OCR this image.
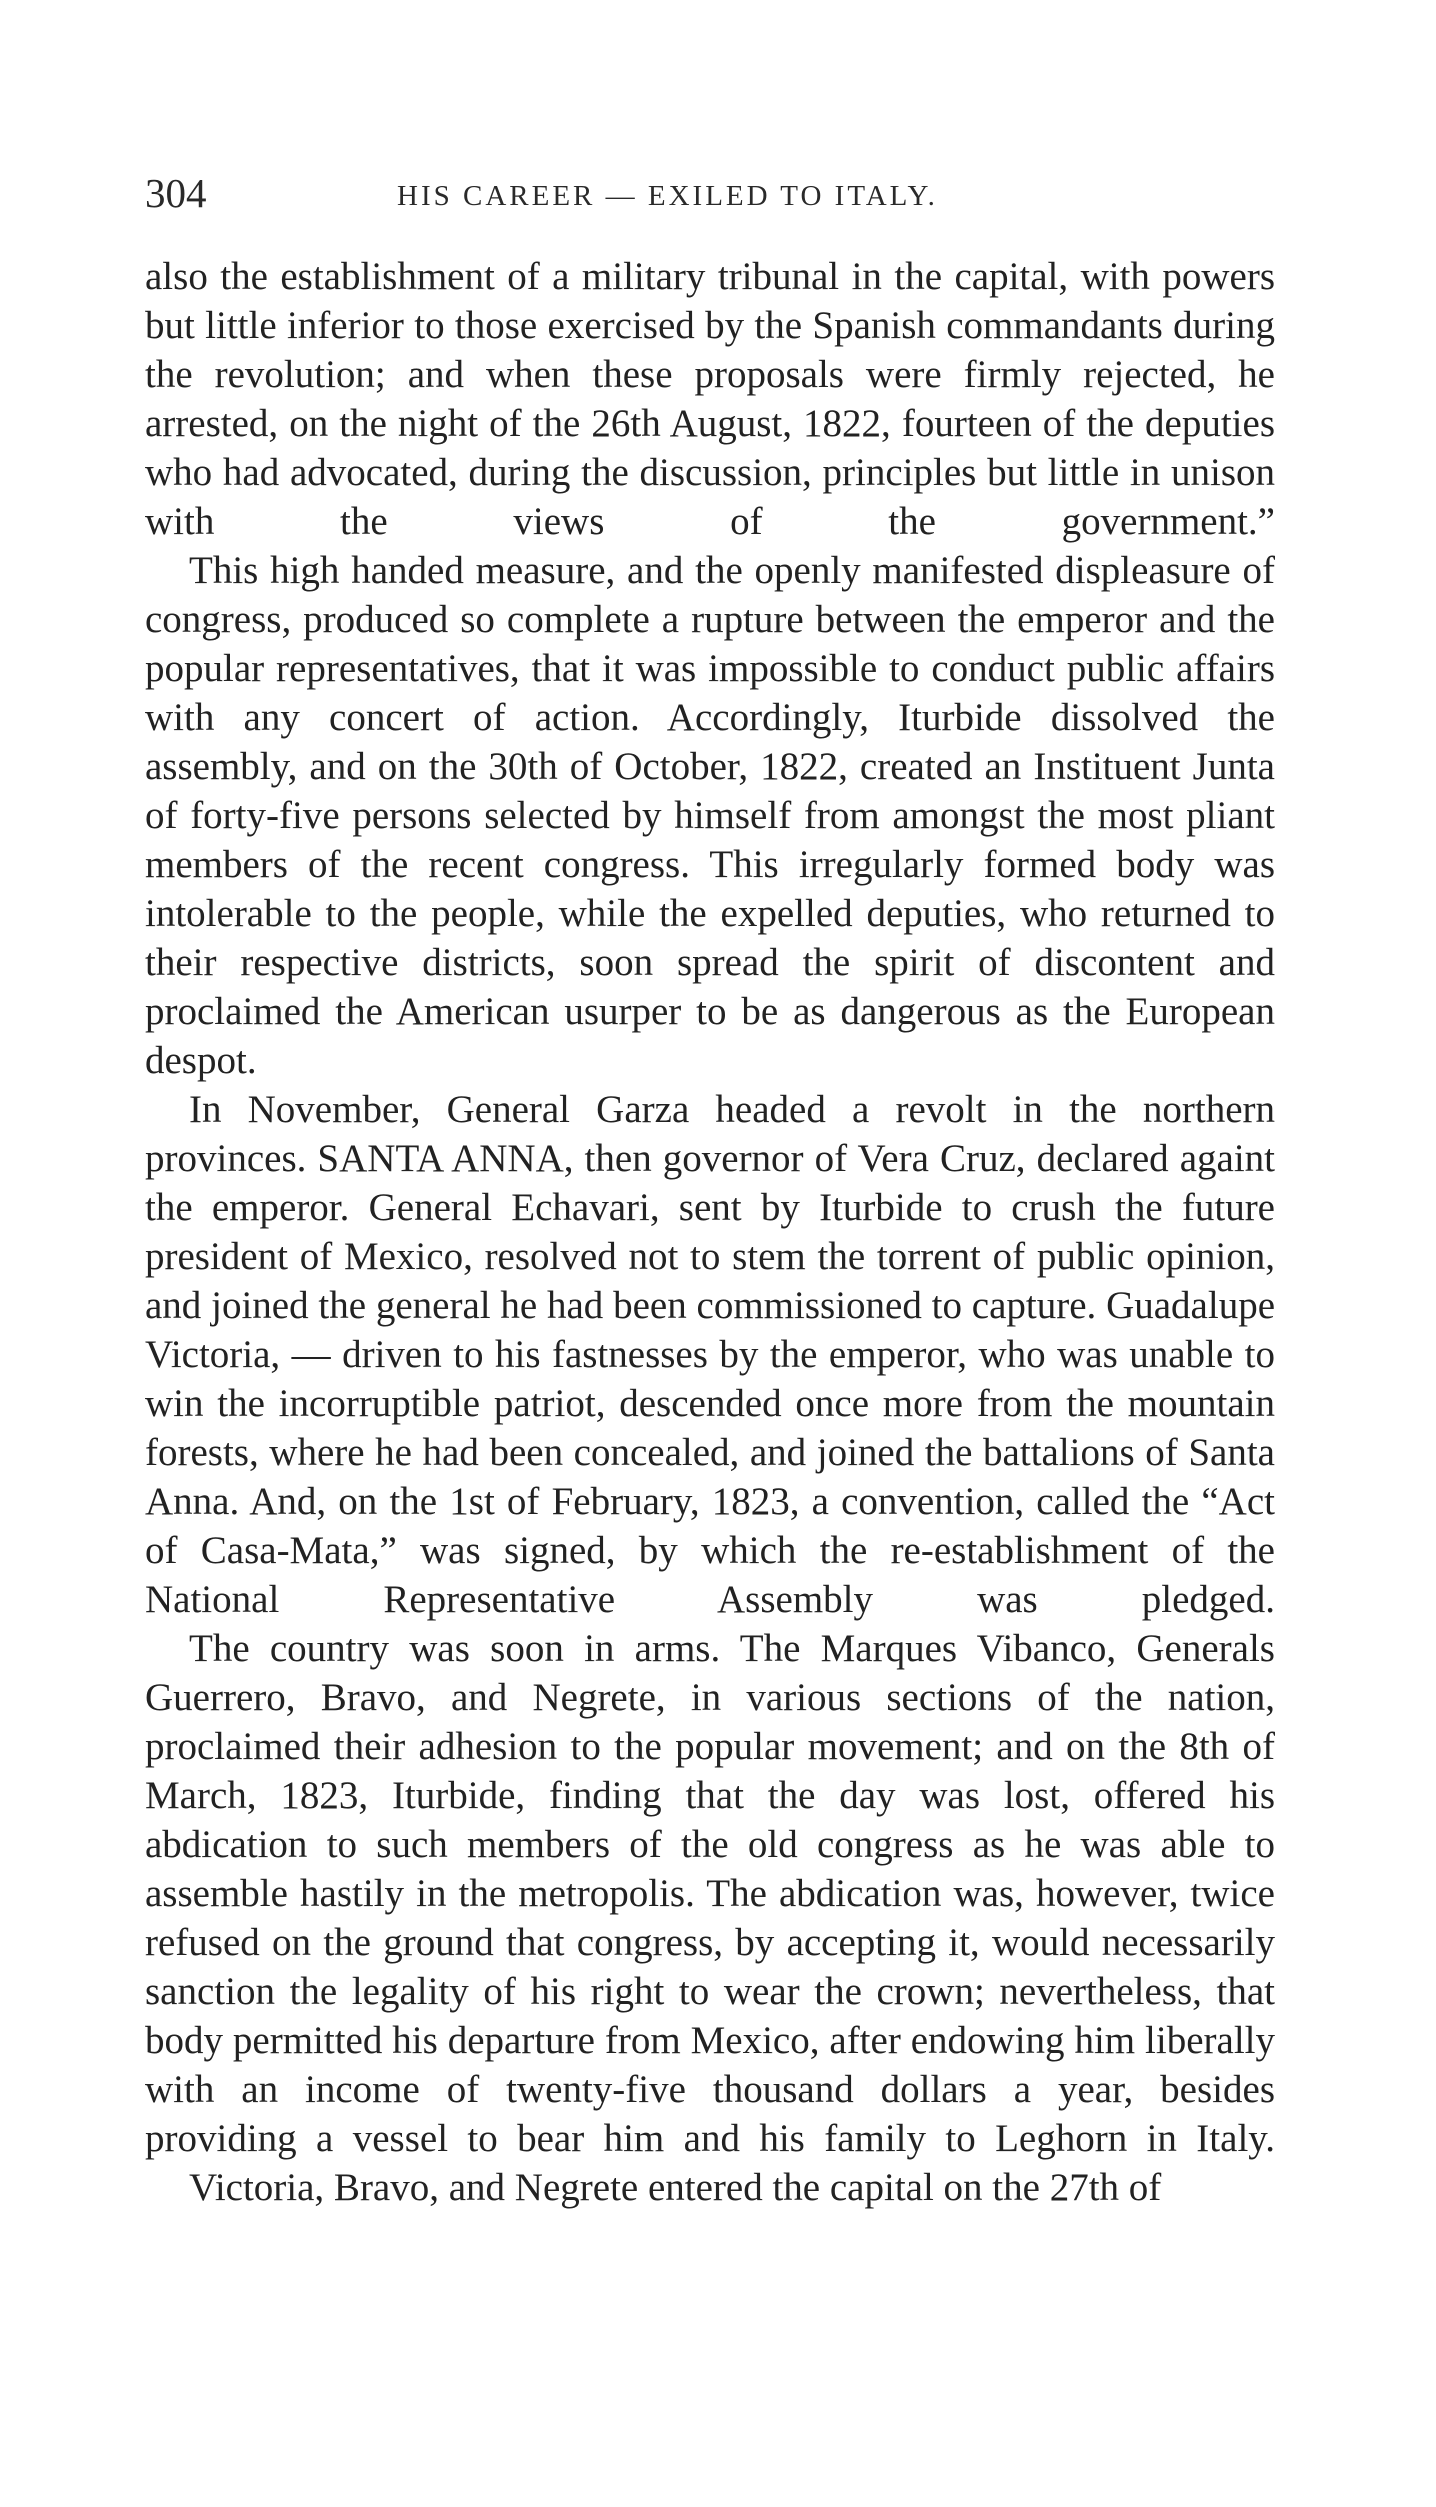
304	HIS CAREER — EXILED TO ITALY.

also the establishment of a military tribunal in the capital, with powers but little inferior to those exercised by the Spanish commandants during the revolution; and when these proposals were firmly rejected, he arrested, on the night of the 26th August, 1822, fourteen of the deputies who had advocated, during the discussion, principles but little in unison with the views of the government.”

This high handed measure, and the openly manifested displeasure of congress, produced so complete a rupture between the emperor and the popular representatives, that it was impossible to conduct public affairs with any concert of action. Accordingly, Iturbide dissolved the assembly, and on the 30th of October, 1822, created an Instituent Junta of forty-five persons selected by himself from amongst the most pliant members of the recent congress. This irregularly formed body was intolerable to the people, while the expelled deputies, who returned to their respective districts, soon spread the spirit of discontent and proclaimed the American usurper to be as dangerous as the European despot.

In November, General Garza headed a revolt in the northern provinces. SANTA ANNA, then governor of Vera Cruz, declared againt the emperor. General Echavari, sent by Iturbide to crush the future president of Mexico, resolved not to stem the torrent of public opinion, and joined the general he had been commissioned to capture. Guadalupe Victoria, — driven to his fastnesses by the emperor, who was unable to win the incorruptible patriot, descended once more from the mountain forests, where he had been concealed, and joined the battalions of Santa Anna. And, on the 1st of February, 1823, a convention, called the “Act of Casa-Mata,” was signed, by which the re-establishment of the National Representative Assembly was pledged.

The country was soon in arms. The Marques Vibanco, Generals Guerrero, Bravo, and Negrete, in various sections of the nation, proclaimed their adhesion to the popular movement; and on the 8th of March, 1823, Iturbide, finding that the day was lost, offered his abdication to such members of the old congress as he was able to assemble hastily in the metropolis. The abdication was, however, twice refused on the ground that congress, by accepting it, would necessarily sanction the legality of his right to wear the crown; nevertheless, that body permitted his departure from Mexico, after endowing him liberally with an income of twenty-five thousand dollars a year, besides providing a vessel to bear him and his family to Leghorn in Italy.

Victoria, Bravo, and Negrete entered the capital on the 27th of
